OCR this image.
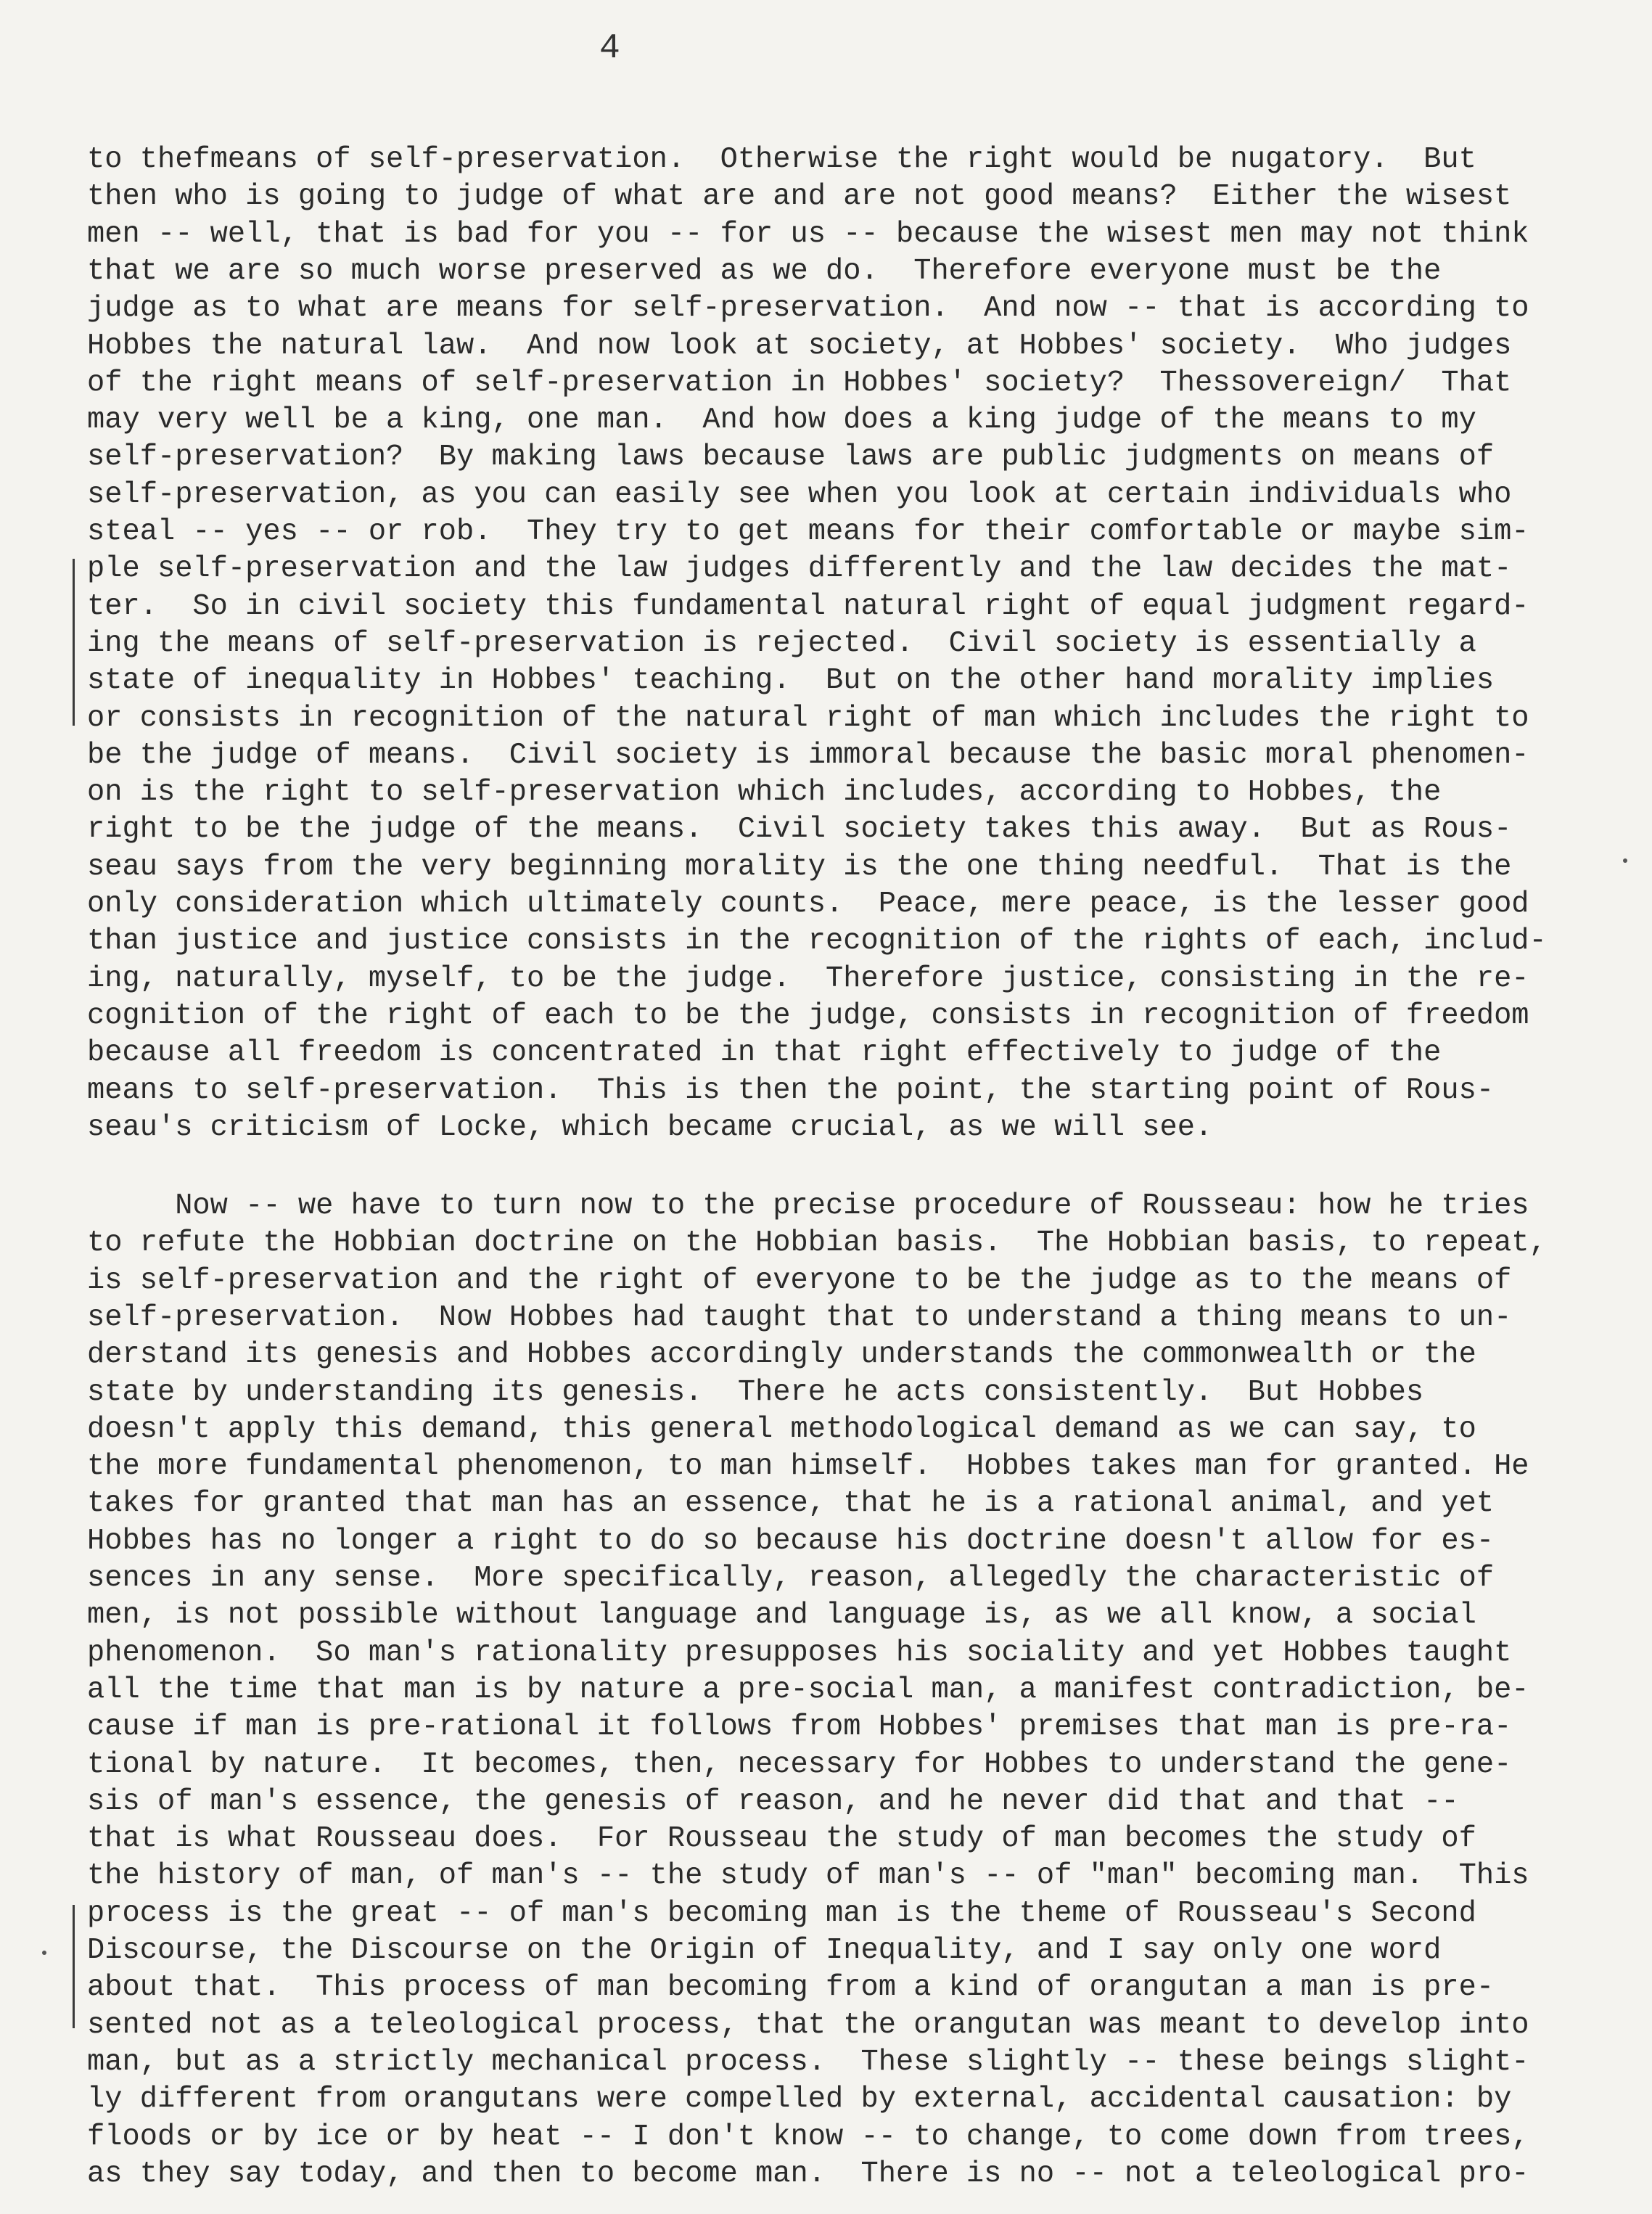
4
to thefmeans of self-preservation.  Otherwise the right would be nugatory.  But
then who is going to judge of what are and are not good means?  Either the wisest
men -- well, that is bad for you -- for us -- because the wisest men may not think
that we are so much worse preserved as we do.  Therefore everyone must be the
judge as to what are means for self-preservation.  And now -- that is according to
Hobbes the natural law.  And now look at society, at Hobbes' society.  Who judges
of the right means of self-preservation in Hobbes' society?  Thessovereign/  That
may very well be a king, one man.  And how does a king judge of the means to my
self-preservation?  By making laws because laws are public judgments on means of
self-preservation, as you can easily see when you look at certain individuals who
steal -- yes -- or rob.  They try to get means for their comfortable or maybe sim-
ple self-preservation and the law judges differently and the law decides the mat-
ter.  So in civil society this fundamental natural right of equal judgment regard-
ing the means of self-preservation is rejected.  Civil society is essentially a
state of inequality in Hobbes' teaching.  But on the other hand morality implies
or consists in recognition of the natural right of man which includes the right to
be the judge of means.  Civil society is immoral because the basic moral phenomen-
on is the right to self-preservation which includes, according to Hobbes, the
right to be the judge of the means.  Civil society takes this away.  But as Rous-
seau says from the very beginning morality is the one thing needful.  That is the
only consideration which ultimately counts.  Peace, mere peace, is the lesser good
than justice and justice consists in the recognition of the rights of each, includ-
ing, naturally, myself, to be the judge.  Therefore justice, consisting in the re-
cognition of the right of each to be the judge, consists in recognition of freedom
because all freedom is concentrated in that right effectively to judge of the
means to self-preservation.  This is then the point, the starting point of Rous-
seau's criticism of Locke, which became crucial, as we will see.
Now -- we have to turn now to the precise procedure of Rousseau: how he tries
to refute the Hobbian doctrine on the Hobbian basis.  The Hobbian basis, to repeat,
is self-preservation and the right of everyone to be the judge as to the means of
self-preservation.  Now Hobbes had taught that to understand a thing means to un-
derstand its genesis and Hobbes accordingly understands the commonwealth or the
state by understanding its genesis.  There he acts consistently.  But Hobbes
doesn't apply this demand, this general methodological demand as we can say, to
the more fundamental phenomenon, to man himself.  Hobbes takes man for granted. He
takes for granted that man has an essence, that he is a rational animal, and yet
Hobbes has no longer a right to do so because his doctrine doesn't allow for es-
sences in any sense.  More specifically, reason, allegedly the characteristic of
men, is not possible without language and language is, as we all know, a social
phenomenon.  So man's rationality presupposes his sociality and yet Hobbes taught
all the time that man is by nature a pre-social man, a manifest contradiction, be-
cause if man is pre-rational it follows from Hobbes' premises that man is pre-ra-
tional by nature.  It becomes, then, necessary for Hobbes to understand the gene-
sis of man's essence, the genesis of reason, and he never did that and that --
that is what Rousseau does.  For Rousseau the study of man becomes the study of
the history of man, of man's -- the study of man's -- of "man" becoming man.  This
process is the great -- of man's becoming man is the theme of Rousseau's Second
Discourse, the Discourse on the Origin of Inequality, and I say only one word
about that.  This process of man becoming from a kind of orangutan a man is pre-
sented not as a teleological process, that the orangutan was meant to develop into
man, but as a strictly mechanical process.  These slightly -- these beings slight-
ly different from orangutans were compelled by external, accidental causation: by
floods or by ice or by heat -- I don't know -- to change, to come down from trees,
as they say today, and then to become man.  There is no -- not a teleological pro-
